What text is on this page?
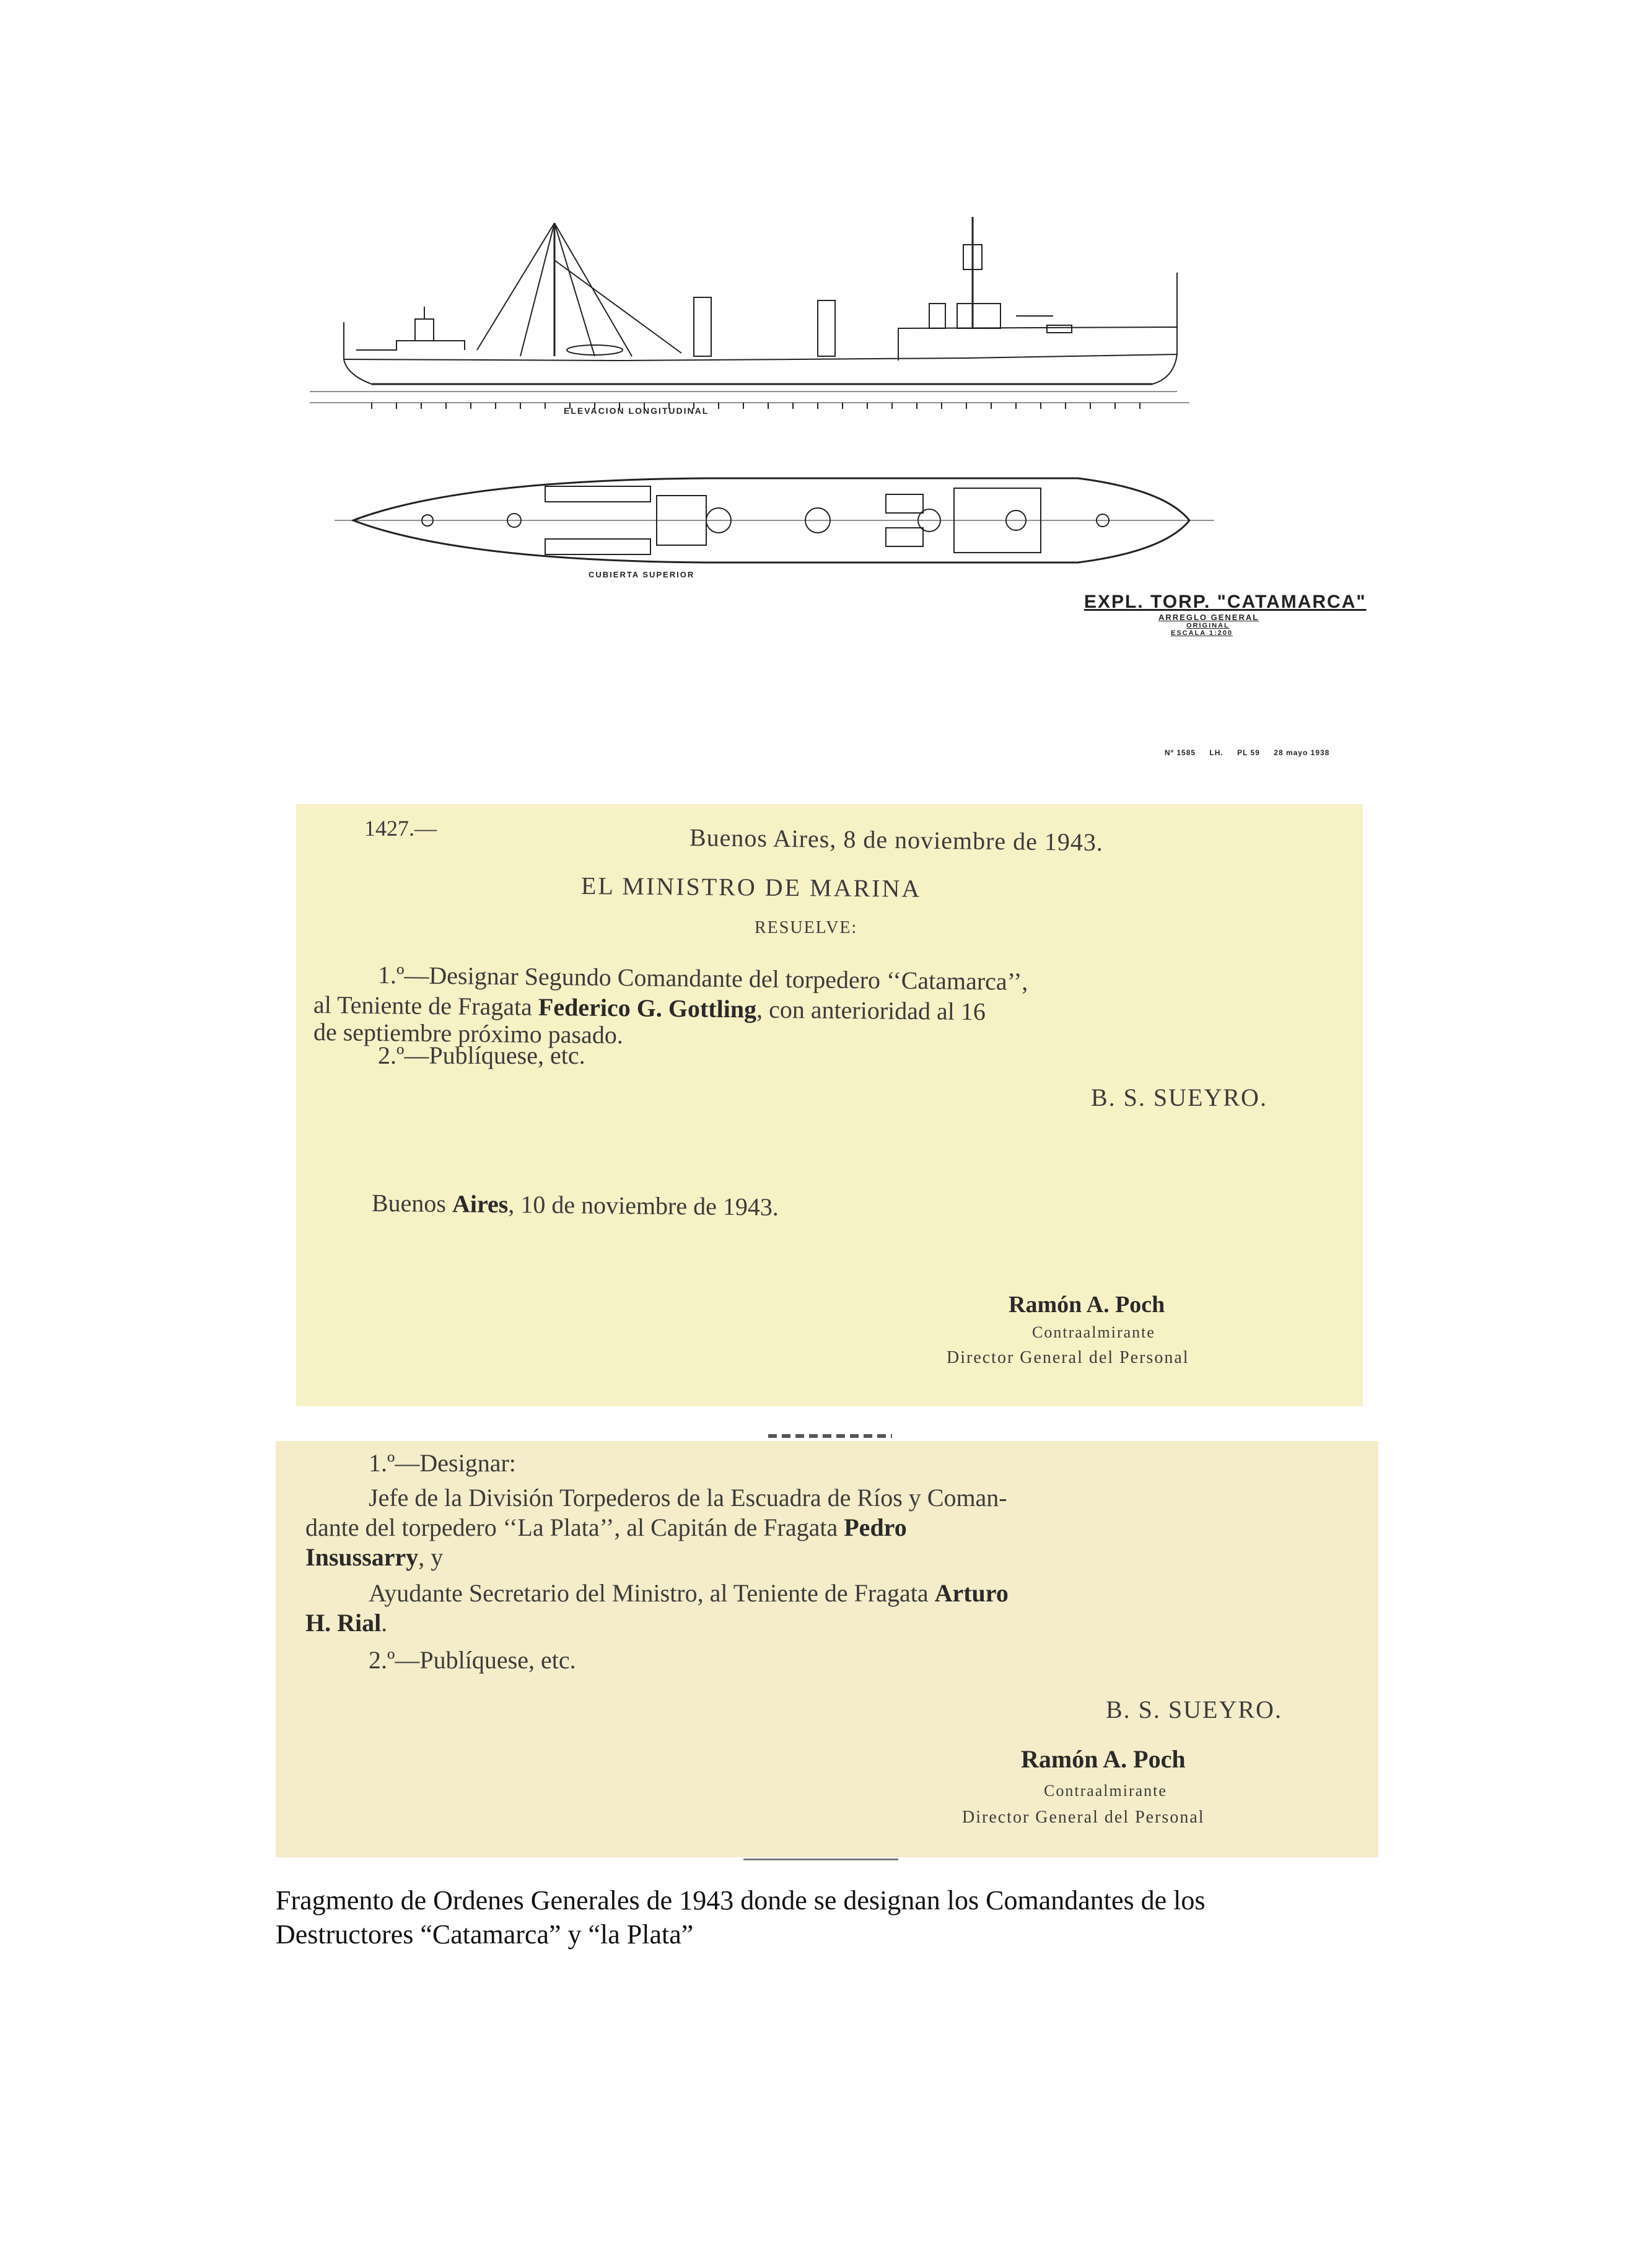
ELEVACION LONGITUDINAL
CUBIERTA SUPERIOR
EXPL. TORP. "CATAMARCA"
ARREGLO GENERAL
ORIGINAL
ESCALA 1:200
Nº 1585 LH. PL 59 28 mayo 1938
1427.—	Buenos Aires, 8 de noviembre de 1943.
EL MINISTRO DE MARINA
RESUELVE:
1.º—Designar Segundo Comandante del torpedero ‘‘Catamarca’’,
al Teniente de Fragata Federico G. Gottling, con anterioridad al 16
de septiembre próximo pasado.
2.º—Publíquese, etc.
B. S. SUEYRO.
Buenos Aires, 10 de noviembre de 1943.
Ramón A. Poch
Contraalmirante
Director General del Personal
1.º—Designar:
Jefe de la División Torpederos de la Escuadra de Ríos y Coman-
dante del torpedero ‘‘La Plata’’, al Capitán de Fragata Pedro
Insussarry, y
Ayudante Secretario del Ministro, al Teniente de Fragata Arturo
H. Rial.
2.º—Publíquese, etc.
B. S. SUEYRO.
Ramón A. Poch
Contraalmirante
Director General del Personal
Fragmento de Ordenes Generales de 1943 donde se designan los Comandantes de los
Destructores “Catamarca” y “la Plata”
